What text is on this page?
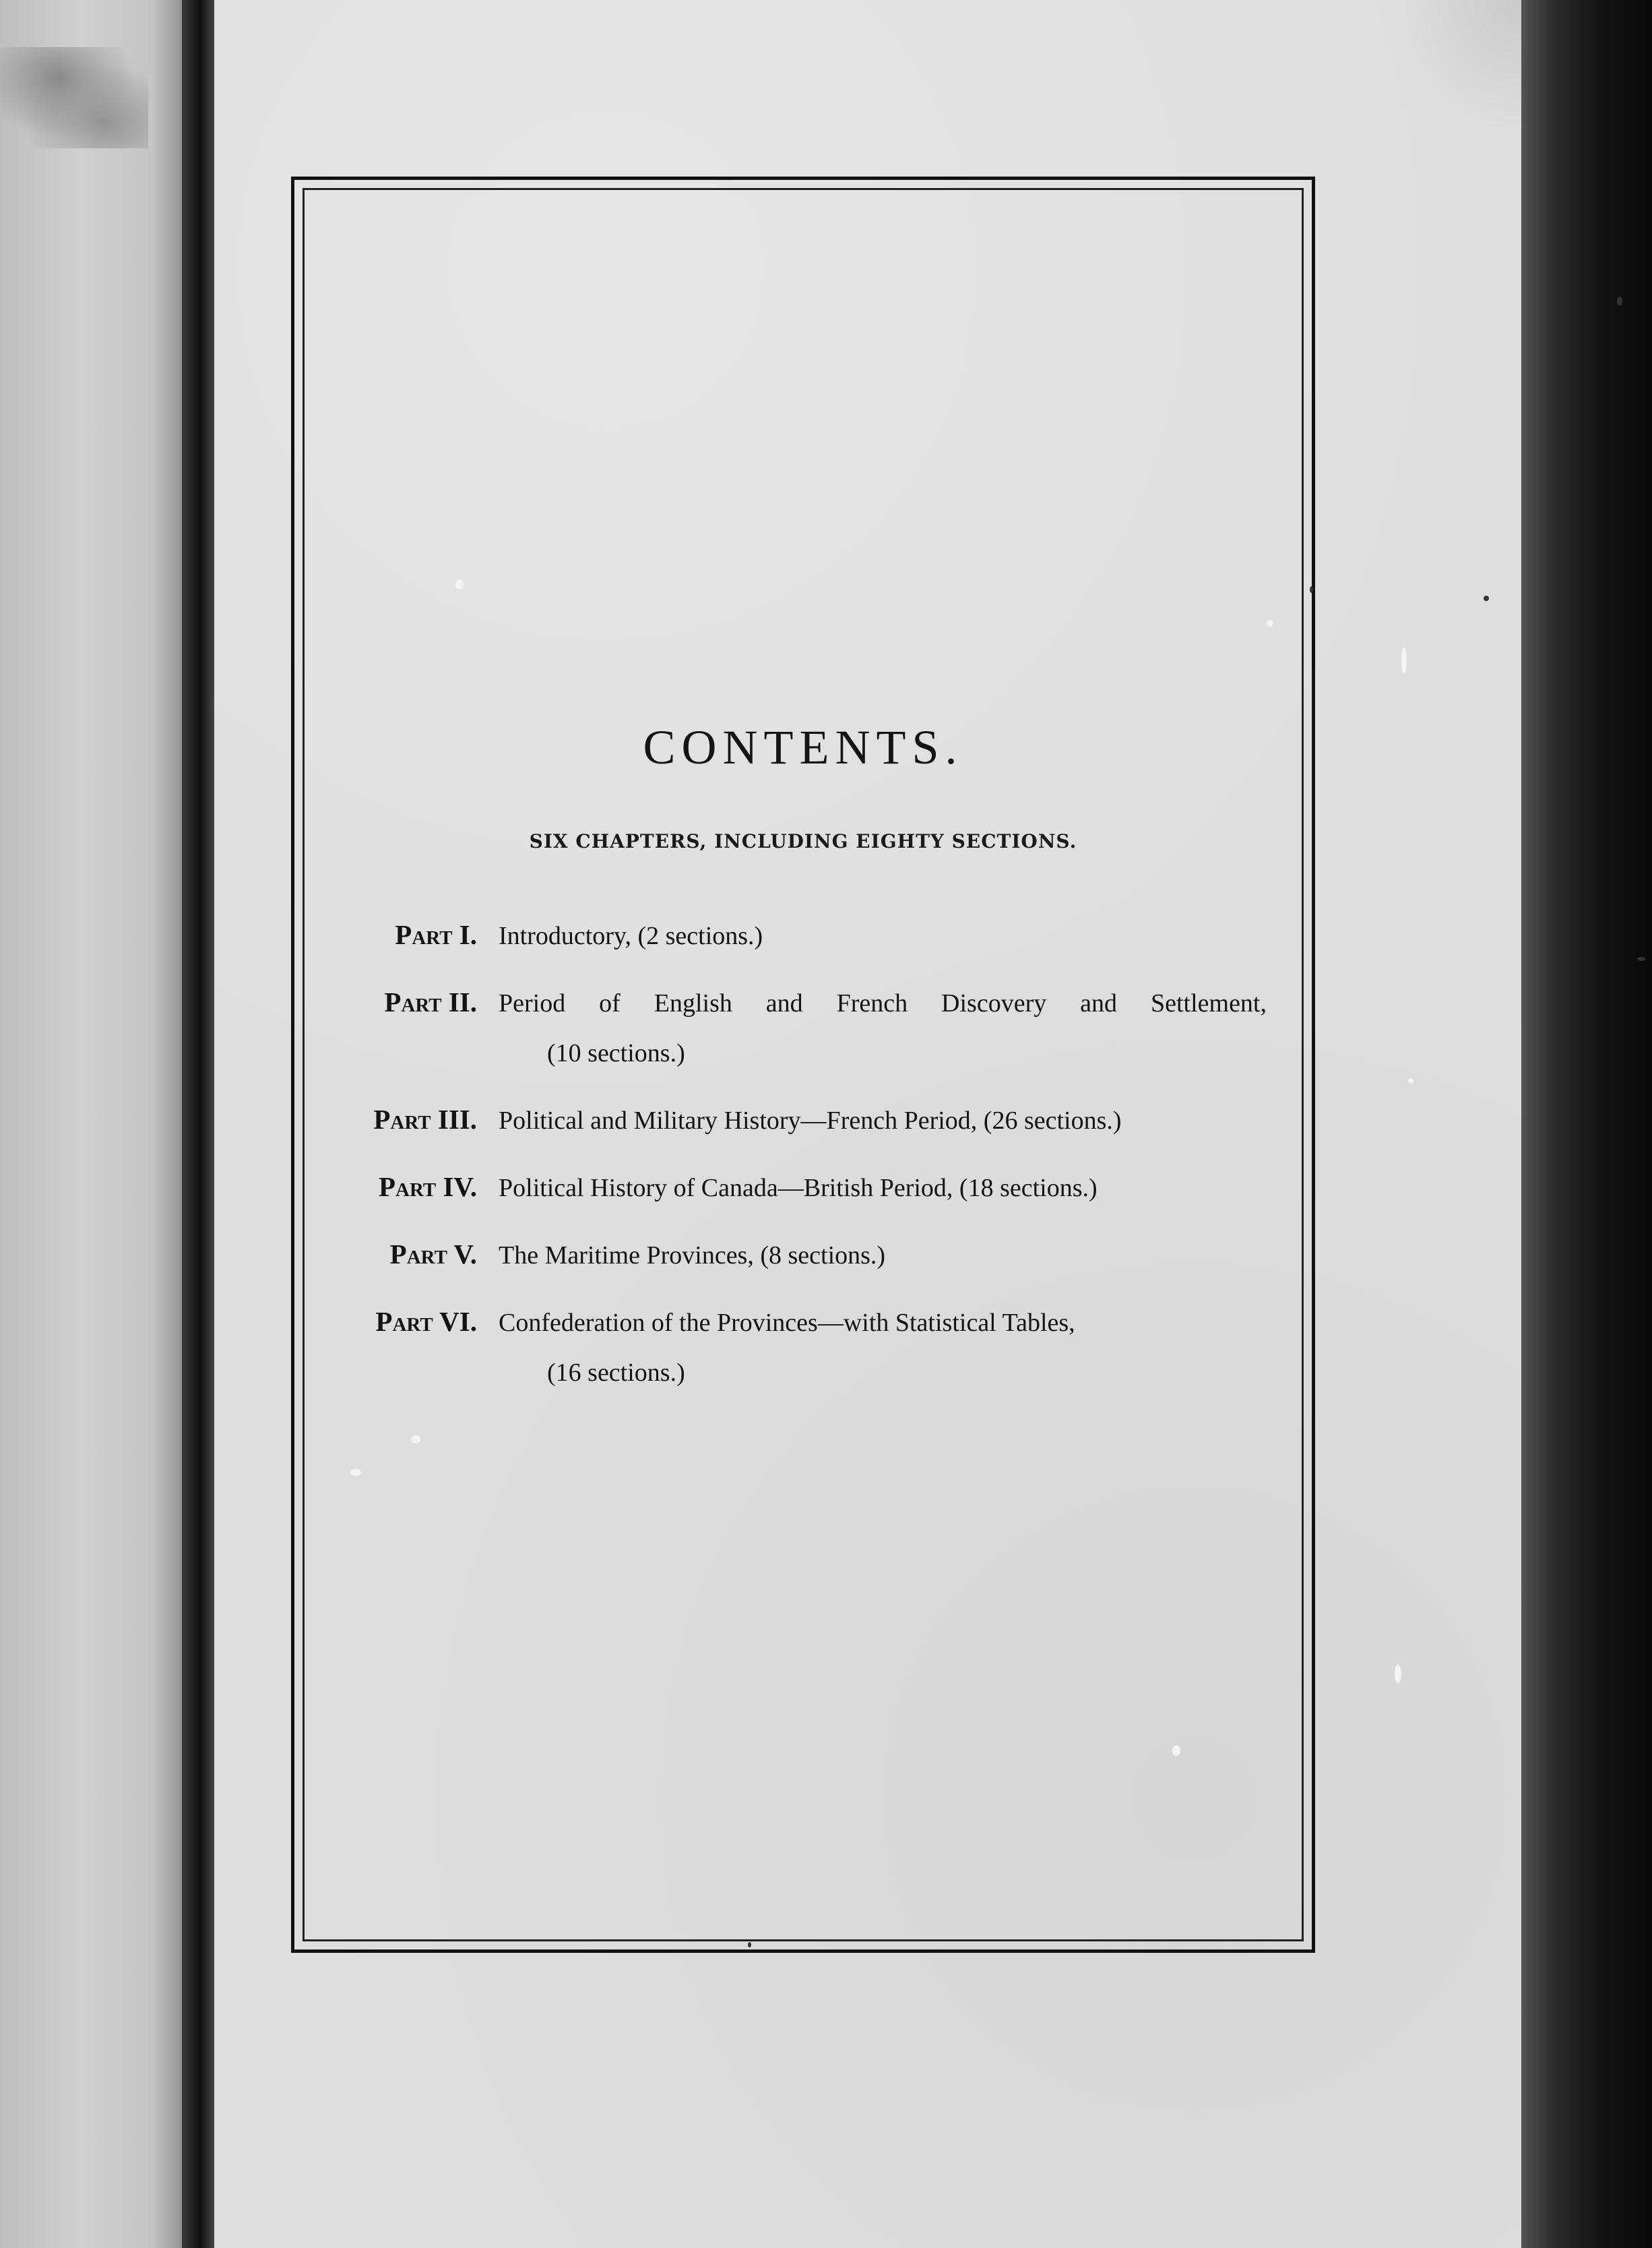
CONTENTS.
SIX CHAPTERS, INCLUDING EIGHTY SECTIONS.
Part I. Introductory, (2 sections.)
Part II. Period of English and French Discovery and Settlement,
(10 sections.)
Part III. Political and Military History—French Period, (26 sections.)
Part IV. Political History of Canada—British Period, (18 sections.)
Part V. The Maritime Provinces, (8 sections.)
Part VI. Confederation of the Provinces—with Statistical Tables,
(16 sections.)
